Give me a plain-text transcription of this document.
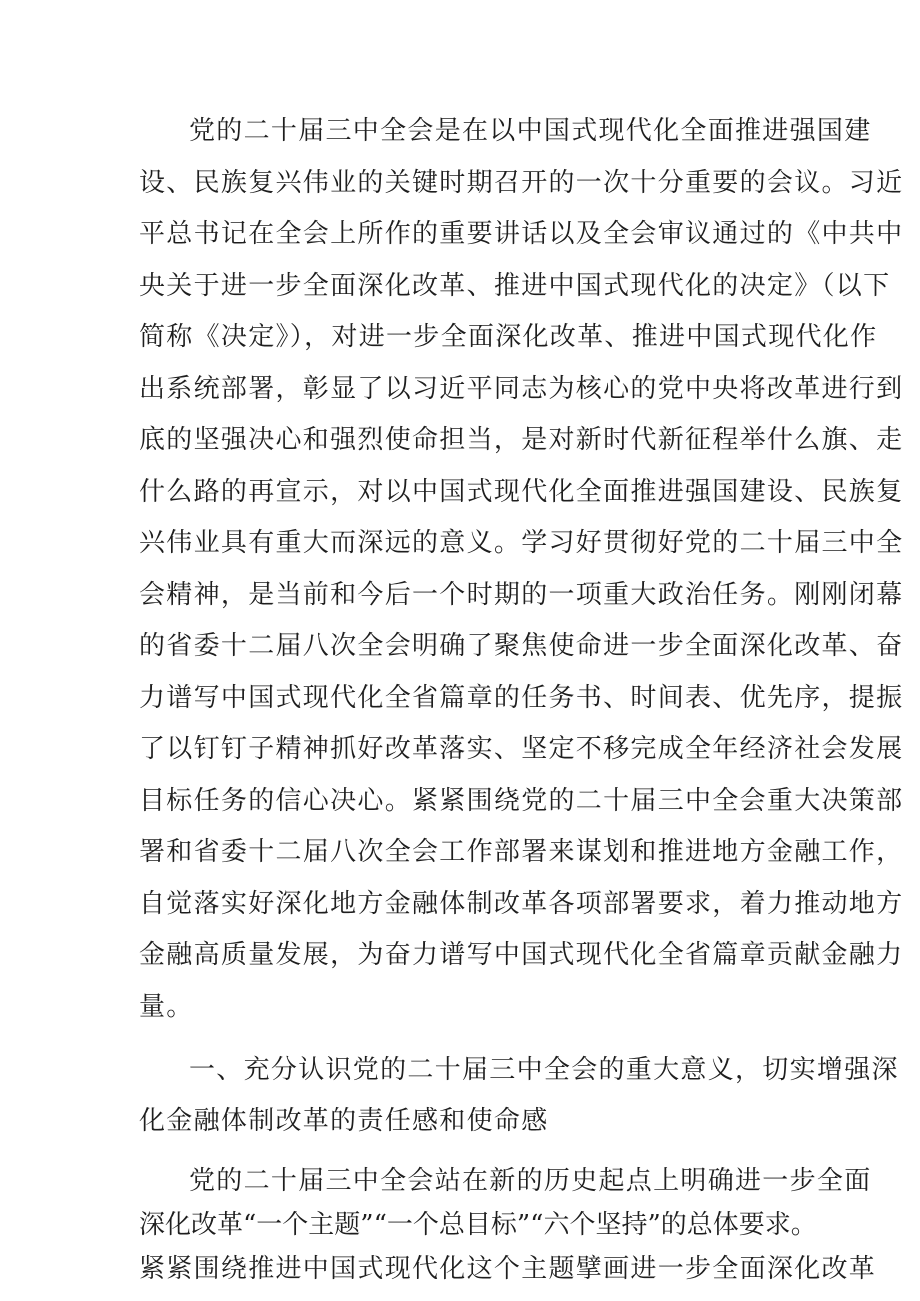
党的二十届三中全会是在以中国式现代化全面推进强国建
设、民族复兴伟业的关键时期召开的一次十分重要的会议。习近
平总书记在全会上所作的重要讲话以及全会审议通过的《中共中
央关于进一步全面深化改革、推进中国式现代化的决定》（以下
简称《决定》），对进一步全面深化改革、推进中国式现代化作
出系统部署，彰显了以习近平同志为核心的党中央将改革进行到
底的坚强决心和强烈使命担当，是对新时代新征程举什么旗、走
什么路的再宣示，对以中国式现代化全面推进强国建设、民族复
兴伟业具有重大而深远的意义。学习好贯彻好党的二十届三中全
会精神，是当前和今后一个时期的一项重大政治任务。刚刚闭幕
的省委十二届八次全会明确了聚焦使命进一步全面深化改革、奋
力谱写中国式现代化全省篇章的任务书、时间表、优先序，提振
了以钉钉子精神抓好改革落实、坚定不移完成全年经济社会发展
目标任务的信心决心。紧紧围绕党的二十届三中全会重大决策部
署和省委十二届八次全会工作部署来谋划和推进地方金融工作，
自觉落实好深化地方金融体制改革各项部署要求，着力推动地方
金融高质量发展，为奋力谱写中国式现代化全省篇章贡献金融力
量。
一、充分认识党的二十届三中全会的重大意义，切实增强深
化金融体制改革的责任感和使命感
党的二十届三中全会站在新的历史起点上明确进一步全面
深化改革“一个主题”“一个总目标”“六个坚持”的总体要求。
紧紧围绕推进中国式现代化这个主题擘画进一步全面深化改革
